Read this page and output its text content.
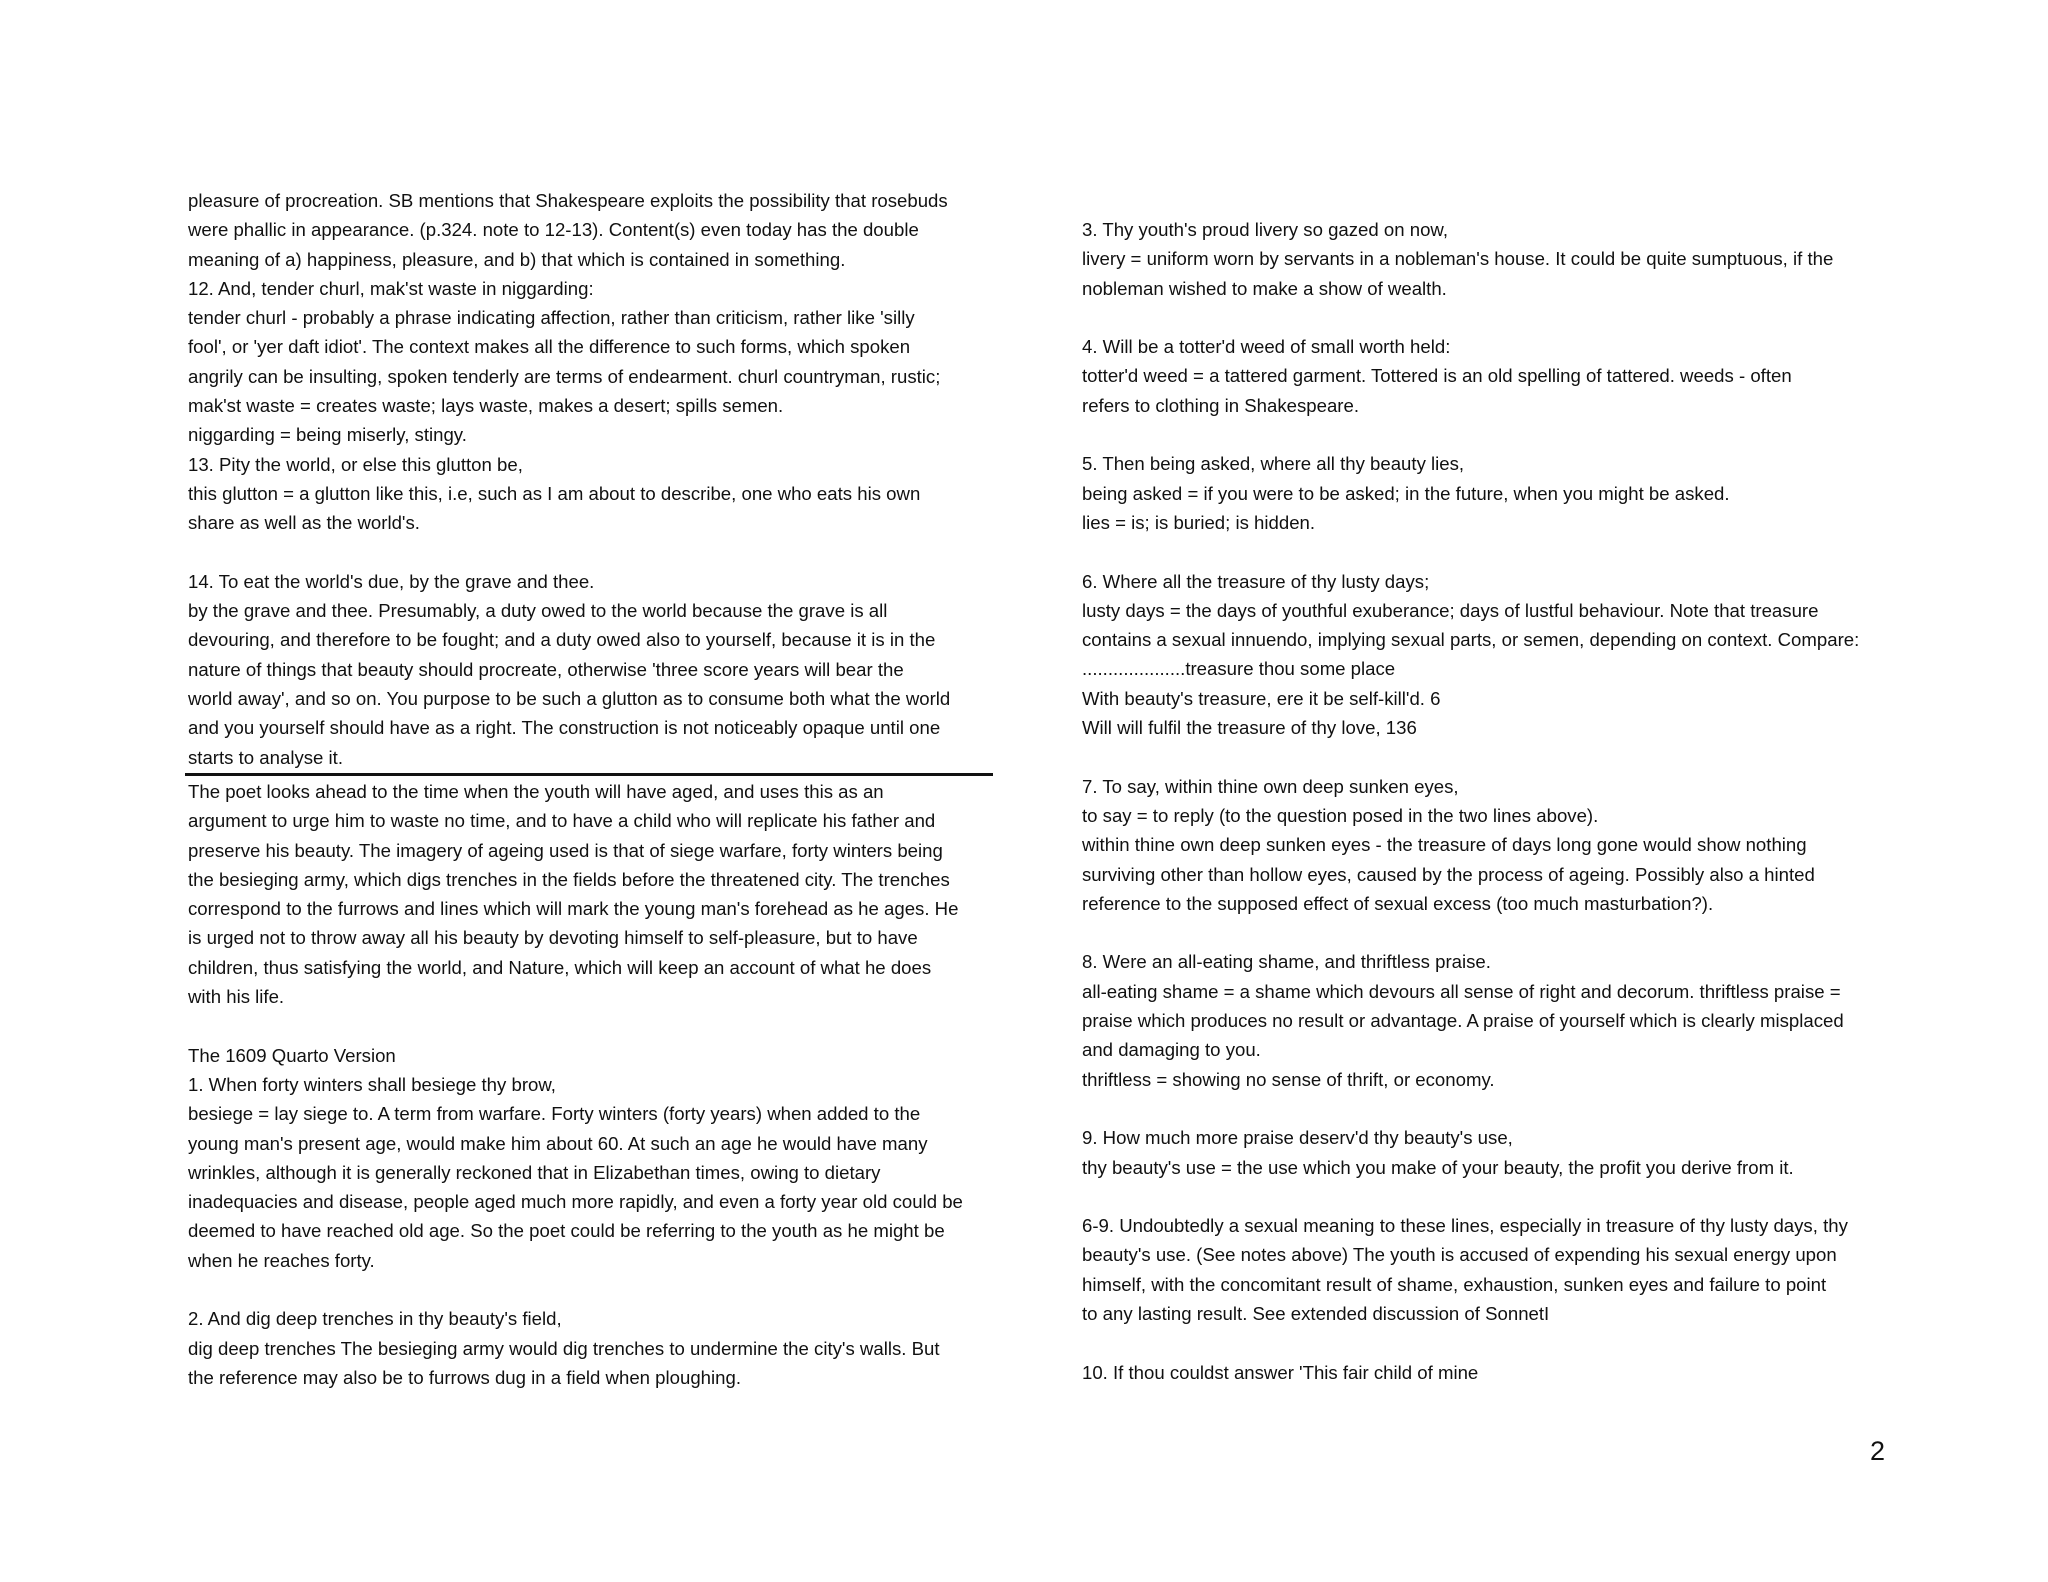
pleasure of procreation. SB mentions that Shakespeare exploits the possibility that rosebuds
were phallic in appearance. (p.324. note to 12-13). Content(s) even today has the double
meaning of a) happiness, pleasure, and b) that which is contained in something.
12. And, tender churl, mak'st waste in niggarding:
tender churl - probably a phrase indicating affection, rather than criticism, rather like 'silly
fool', or 'yer daft idiot'. The context makes all the difference to such forms, which spoken
angrily can be insulting, spoken tenderly are terms of endearment. churl countryman, rustic;
mak'st waste = creates waste; lays waste, makes a desert; spills semen.
niggarding = being miserly, stingy.
13. Pity the world, or else this glutton be,
this glutton = a glutton like this, i.e, such as I am about to describe, one who eats his own
share as well as the world's.
14. To eat the world's due, by the grave and thee.
by the grave and thee. Presumably, a duty owed to the world because the grave is all
devouring, and therefore to be fought; and a duty owed also to yourself, because it is in the
nature of things that beauty should procreate, otherwise 'three score years will bear the
world away', and so on. You purpose to be such a glutton as to consume both what the world
and you yourself should have as a right. The construction is not noticeably opaque until one
starts to analyse it.
The poet looks ahead to the time when the youth will have aged, and uses this as an
argument to urge him to waste no time, and to have a child who will replicate his father and
preserve his beauty. The imagery of ageing used is that of siege warfare, forty winters being
the besieging army, which digs trenches in the fields before the threatened city. The trenches
correspond to the furrows and lines which will mark the young man's forehead as he ages. He
is urged not to throw away all his beauty by devoting himself to self-pleasure, but to have
children, thus satisfying the world, and Nature, which will keep an account of what he does
with his life.
The 1609 Quarto Version
1. When forty winters shall besiege thy brow,
besiege = lay siege to. A term from warfare. Forty winters (forty years) when added to the
young man's present age, would make him about 60. At such an age he would have many
wrinkles, although it is generally reckoned that in Elizabethan times, owing to dietary
inadequacies and disease, people aged much more rapidly, and even a forty year old could be
deemed to have reached old age. So the poet could be referring to the youth as he might be
when he reaches forty.
2. And dig deep trenches in thy beauty's field,
dig deep trenches The besieging army would dig trenches to undermine the city's walls. But
the reference may also be to furrows dug in a field when ploughing.
3. Thy youth's proud livery so gazed on now,
livery = uniform worn by servants in a nobleman's house. It could be quite sumptuous, if the
nobleman wished to make a show of wealth.
4. Will be a totter'd weed of small worth held:
totter'd weed = a tattered garment. Tottered is an old spelling of tattered. weeds - often
refers to clothing in Shakespeare.
5. Then being asked, where all thy beauty lies,
being asked = if you were to be asked; in the future, when you might be asked.
lies = is; is buried; is hidden.
6. Where all the treasure of thy lusty days;
lusty days = the days of youthful exuberance; days of lustful behaviour. Note that treasure
contains a sexual innuendo, implying sexual parts, or semen, depending on context. Compare:
....................treasure thou some place
With beauty's treasure, ere it be self-kill'd. 6
Will will fulfil the treasure of thy love, 136
7. To say, within thine own deep sunken eyes,
to say = to reply (to the question posed in the two lines above).
within thine own deep sunken eyes - the treasure of days long gone would show nothing
surviving other than hollow eyes, caused by the process of ageing. Possibly also a hinted
reference to the supposed effect of sexual excess (too much masturbation?).
8. Were an all-eating shame, and thriftless praise.
all-eating shame = a shame which devours all sense of right and decorum. thriftless praise =
praise which produces no result or advantage. A praise of yourself which is clearly misplaced
and damaging to you.
thriftless = showing no sense of thrift, or economy.
9. How much more praise deserv'd thy beauty's use,
thy beauty's use = the use which you make of your beauty, the profit you derive from it.
6-9. Undoubtedly a sexual meaning to these lines, especially in treasure of thy lusty days, thy
beauty's use. (See notes above) The youth is accused of expending his sexual energy upon
himself, with the concomitant result of shame, exhaustion, sunken eyes and failure to point
to any lasting result. See extended discussion of SonnetI
10. If thou couldst answer 'This fair child of mine
2
